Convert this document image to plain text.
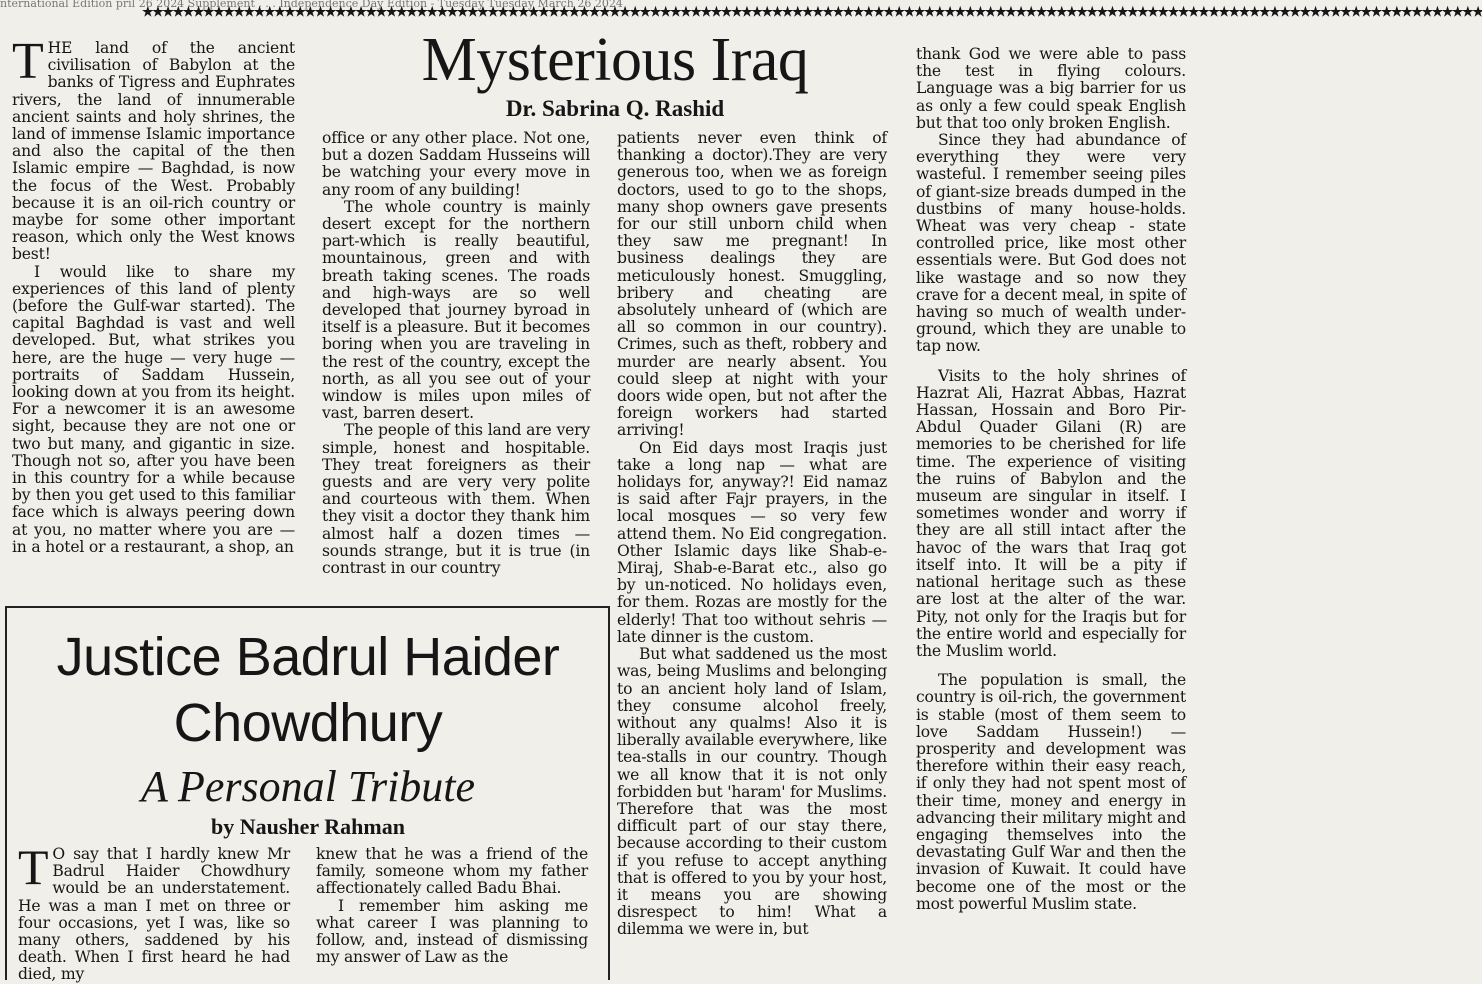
nternational Edition pril 26 2024 Supplement . . . Independence Day Edition - Tuesday Tuesday March 26 2024
★★★★★★★★★★★★★★★★★★★★★★★★★★★★★★★★★★★★★★★★★★★★★★★★★★★★★★★★★★★★★★★★★★★★★★★★★★★★★★★★★★★★★★★★★★★★★★★★★★★★★★★★★★★★★★★★★★★★★★★★★★★★★★★★★★★★
Mysterious Iraq
Dr. Sabrina Q. Rashid
T HE land of the ancient civilisation of Babylon at the banks of Tigress and Euphrates rivers, the land of innumerable ancient saints and holy shrines, the land of immense Islamic importance and also the capital of the then Islamic empire — Baghdad, is now the focus of the West. Probably because it is an oil-rich country or maybe for some other important reason, which only the West knows best!

I would like to share my experiences of this land of plenty (before the Gulf-war started). The capital Baghdad is vast and well developed. But, what strikes you here, are the huge — very huge — portraits of Saddam Hussein, looking down at you from its height. For a newcomer it is an awesome sight, because they are not one or two but many, and gigantic in size. Though not so, after you have been in this country for a while because by then you get used to this familiar face which is always peering down at you, no matter where you are — in a hotel or a restaurant, a shop, an

office or any other place. Not one, but a dozen Saddam Husseins will be watching your every move in any room of any building!

The whole country is mainly desert except for the northern part-which is really beautiful, mountainous, green and with breath taking scenes. The roads and high-ways are so well developed that journey byroad in itself is a pleasure. But it becomes boring when you are traveling in the rest of the country, except the north, as all you see out of your window is miles upon miles of vast, barren desert.

The people of this land are very simple, honest and hospitable. They treat foreigners as their guests and are very very polite and courteous with them. When they visit a doctor they thank him almost half a dozen times — sounds strange, but it is true (in contrast in our country

patients never even think of thanking a doctor).They are very generous too, when we as foreign doctors, used to go to the shops, many shop owners gave presents for our still unborn child when they saw me pregnant! In business dealings they are meticulously honest. Smuggling, bribery and cheating are absolutely unheard of (which are all so common in our country). Crimes, such as theft, robbery and murder are nearly absent. You could sleep at night with your doors wide open, but not after the foreign workers had started arriving!

On Eid days most Iraqis just take a long nap — what are holidays for, anyway?! Eid namaz is said after Fajr prayers, in the local mosques — so very few attend them. No Eid congregation. Other Islamic days like Shab-e-Miraj, Shab-e-Barat etc., also go by un-noticed. No holidays even, for them. Rozas are mostly for the elderly! That too without sehris — late dinner is the custom.

But what saddened us the most was, being Muslims and belonging to an ancient holy land of Islam, they consume alcohol freely, without any qualms! Also it is liberally available everywhere, like tea-stalls in our country. Though we all know that it is not only forbidden but 'haram' for Muslims. Therefore that was the most difficult part of our stay there, because according to their custom if you refuse to accept anything that is offered to you by your host, it means you are showing disrespect to him! What a dilemma we were in, but

thank God we were able to pass the test in flying colours. Language was a big barrier for us as only a few could speak English but that too only broken English.

Since they had abundance of everything they were very wasteful. I remember seeing piles of giant-size breads dumped in the dustbins of many house-holds. Wheat was very cheap - state controlled price, like most other essentials were. But God does not like wastage and so now they crave for a decent meal, in spite of having so much of wealth under-ground, which they are unable to tap now.

Visits to the holy shrines of Hazrat Ali, Hazrat Abbas, Hazrat Hassan, Hossain and Boro Pir-Abdul Quader Gilani (R) are memories to be cherished for life time. The experience of visiting the ruins of Babylon and the museum are singular in itself. I sometimes wonder and worry if they are all still intact after the havoc of the wars that Iraq got itself into. It will be a pity if national heritage such as these are lost at the alter of the war. Pity, not only for the Iraqis but for the entire world and especially for the Muslim world.

The population is small, the country is oil-rich, the government is stable (most of them seem to love Saddam Hussein!) — prosperity and development was therefore within their easy reach, if only they had not spent most of their time, money and energy in advancing their military might and engaging themselves into the devastating Gulf War and then the invasion of Kuwait. It could have become one of the most or the most powerful Muslim state.

Justice Badrul Haider
Chowdhury
A Personal Tribute
by Nausher Rahman
T O say that I hardly knew Mr Badrul Haider Chowdhury would be an understatement. He was a man I met on three or four occasions, yet I was, like so many others, saddened by his death. When I first heard he had died, my

knew that he was a friend of the family, someone whom my father affectionately called Badu Bhai.

I remember him asking me what career I was planning to follow, and, instead of dismissing my answer of Law as the
